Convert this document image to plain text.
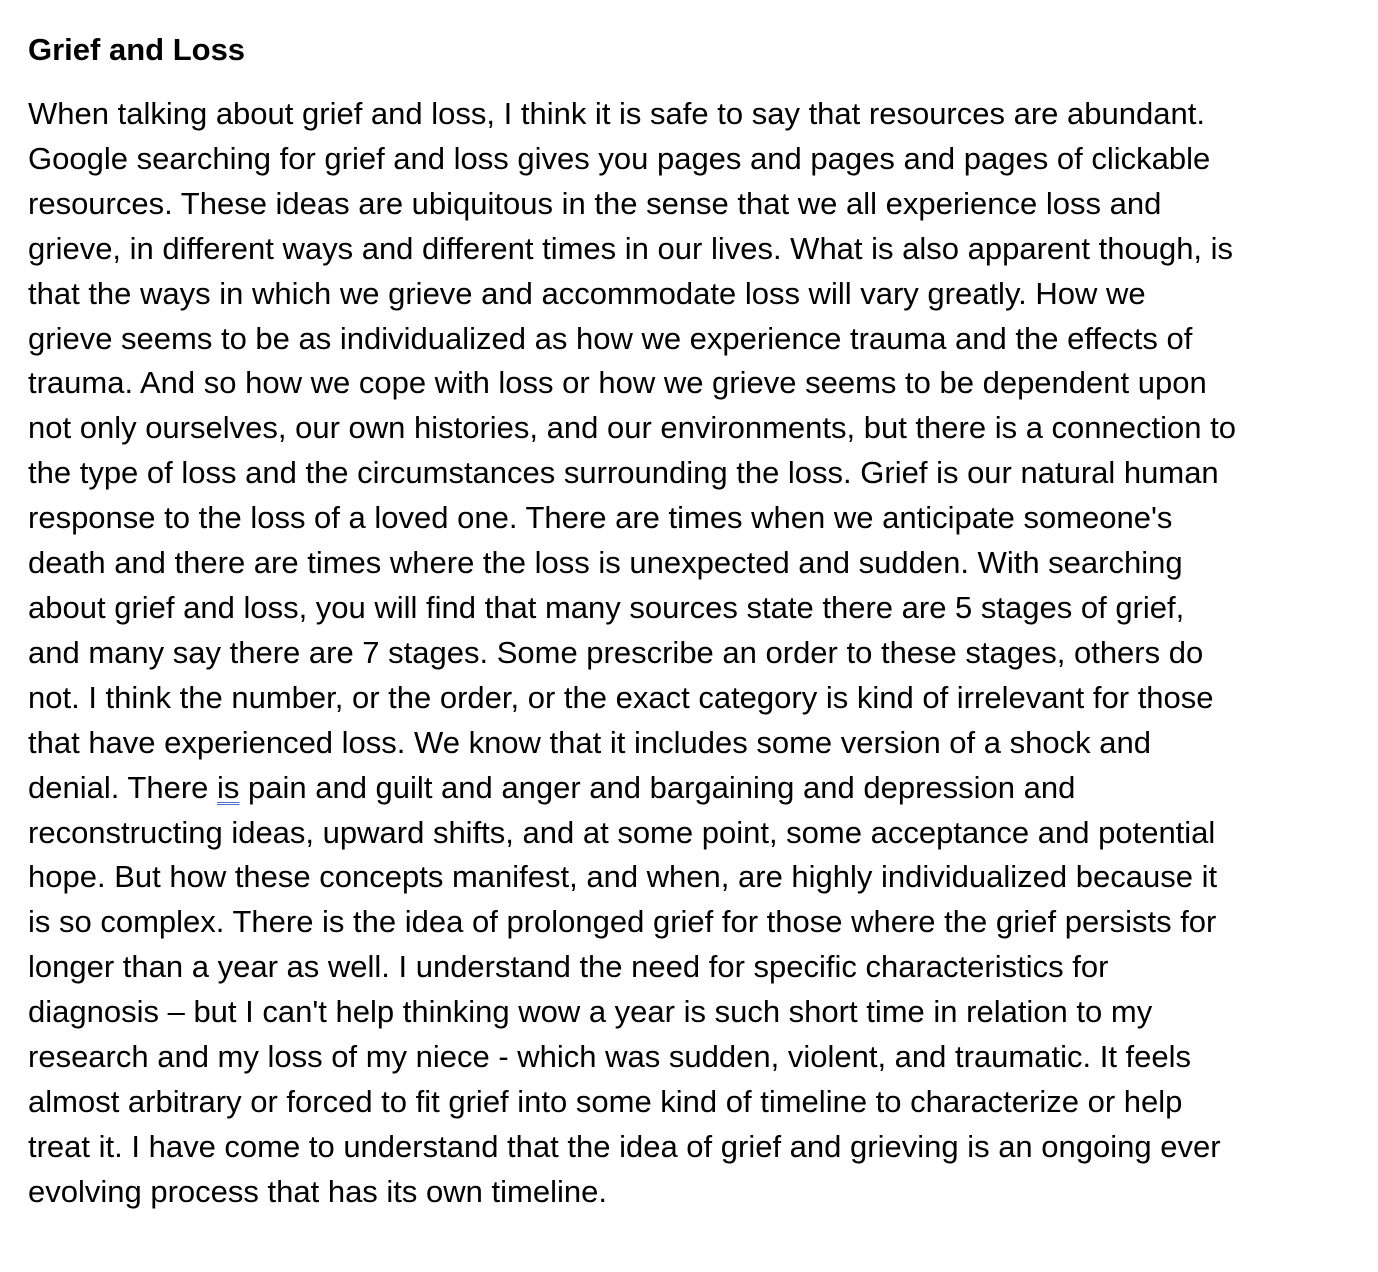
Grief and Loss
When talking about grief and loss, I think it is safe to say that resources are abundant.
Google searching for grief and loss gives you pages and pages and pages of clickable
resources. These ideas are ubiquitous in the sense that we all experience loss and
grieve, in different ways and different times in our lives. What is also apparent though, is
that the ways in which we grieve and accommodate loss will vary greatly. How we
grieve seems to be as individualized as how we experience trauma and the effects of
trauma. And so how we cope with loss or how we grieve seems to be dependent upon
not only ourselves, our own histories, and our environments, but there is a connection to
the type of loss and the circumstances surrounding the loss. Grief is our natural human
response to the loss of a loved one. There are times when we anticipate someone's
death and there are times where the loss is unexpected and sudden. With searching
about grief and loss, you will find that many sources state there are 5 stages of grief,
and many say there are 7 stages. Some prescribe an order to these stages, others do
not. I think the number, or the order, or the exact category is kind of irrelevant for those
that have experienced loss. We know that it includes some version of a shock and
denial. There is pain and guilt and anger and bargaining and depression and
reconstructing ideas, upward shifts, and at some point, some acceptance and potential
hope. But how these concepts manifest, and when, are highly individualized because it
is so complex. There is the idea of prolonged grief for those where the grief persists for
longer than a year as well. I understand the need for specific characteristics for
diagnosis – but I can't help thinking wow a year is such short time in relation to my
research and my loss of my niece - which was sudden, violent, and traumatic. It feels
almost arbitrary or forced to fit grief into some kind of timeline to characterize or help
treat it. I have come to understand that the idea of grief and grieving is an ongoing ever
evolving process that has its own timeline.
